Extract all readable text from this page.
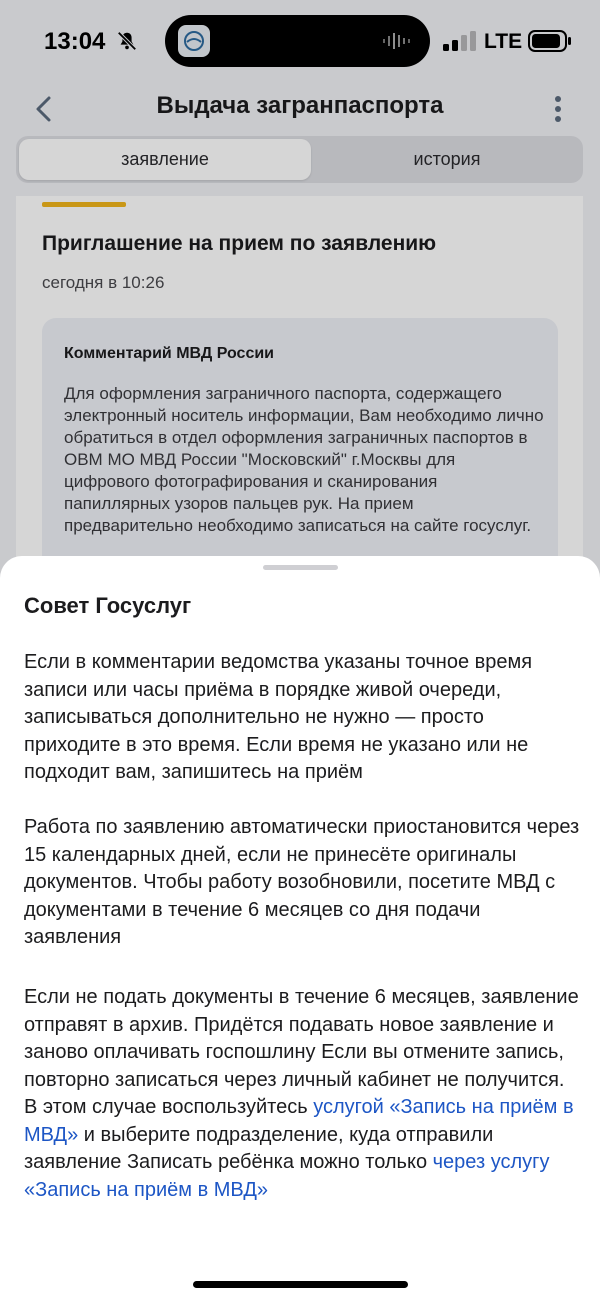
13:04	LTE
Выдача загранпаспорта
заявление	история
Приглашение на прием по заявлению
сегодня в 10:26
Комментарий МВД России
Для оформления заграничного паспорта, содержащего электронный носитель информации, Вам необходимо лично обратиться в отдел оформления заграничных паспортов в ОВМ МО МВД России "Московский" г.Москвы для цифрового фотографирования и сканирования папиллярных узоров пальцев рук. На прием предварительно необходимо записаться на сайте госуслуг.
Совет Госуслуг
Если в комментарии ведомства указаны точное время записи или часы приёма в порядке живой очереди, записываться дополнительно не нужно — просто приходите в это время. Если время не указано или не подходит вам, запишитесь на приём
Работа по заявлению автоматически приостановится через 15 календарных дней, если не принесёте оригиналы документов. Чтобы работу возобновили, посетите МВД с документами в течение 6 месяцев со дня подачи заявления
Если не подать документы в течение 6 месяцев, заявление отправят в архив. Придётся подавать новое заявление и заново оплачивать госпошлину Если вы отмените запись, повторно записаться через личный кабинет не получится. В этом случае воспользуйтесь услугой «Запись на приём в МВД» и выберите подразделение, куда отправили заявление Записать ребёнка можно только через услугу «Запись на приём в МВД»
